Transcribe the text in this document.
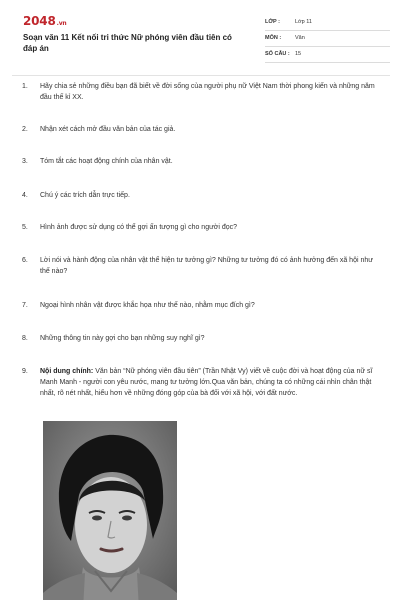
2048.vn
Soạn văn 11 Kết nối tri thức Nữ phóng viên đầu tiên có đáp án
LỚP :	Lớp 11
MÔN :	Văn
SỐ CÂU : 15
1.	Hãy chia sẻ những điều bạn đã biết về đời sống của người phụ nữ Việt Nam thời phong kiến và những năm đầu thế kỉ XX.
2.	Nhận xét cách mở đầu văn bản của tác giả.
3.	Tóm tắt các hoạt động chính của nhân vật.
4.	Chú ý các trích dẫn trực tiếp.
5.	Hình ảnh được sử dụng có thể gợi ấn tượng gì cho người đọc?
6.	Lời nói và hành động của nhân vật thể hiện tư tưởng gì? Những tư tưởng đó có ảnh hưởng đến xã hội như thế nào?
7.	Ngoại hình nhân vật được khắc họa như thế nào, nhằm mục đích gì?
8.	Những thông tin này gợi cho bạn những suy nghĩ gì?
9.	Nội dung chính: Văn bản “Nữ phóng viên đầu tiên” (Trần Nhật Vy) viết về cuộc đời và hoạt động của nữ sĩ Manh Manh - người con yêu nước, mang tư tưởng lớn.Qua văn bản, chúng ta có những cái nhìn chân thật nhất, rõ nét nhất, hiểu hơn về những đóng góp của bà đối với xã hội, với đất nước.
